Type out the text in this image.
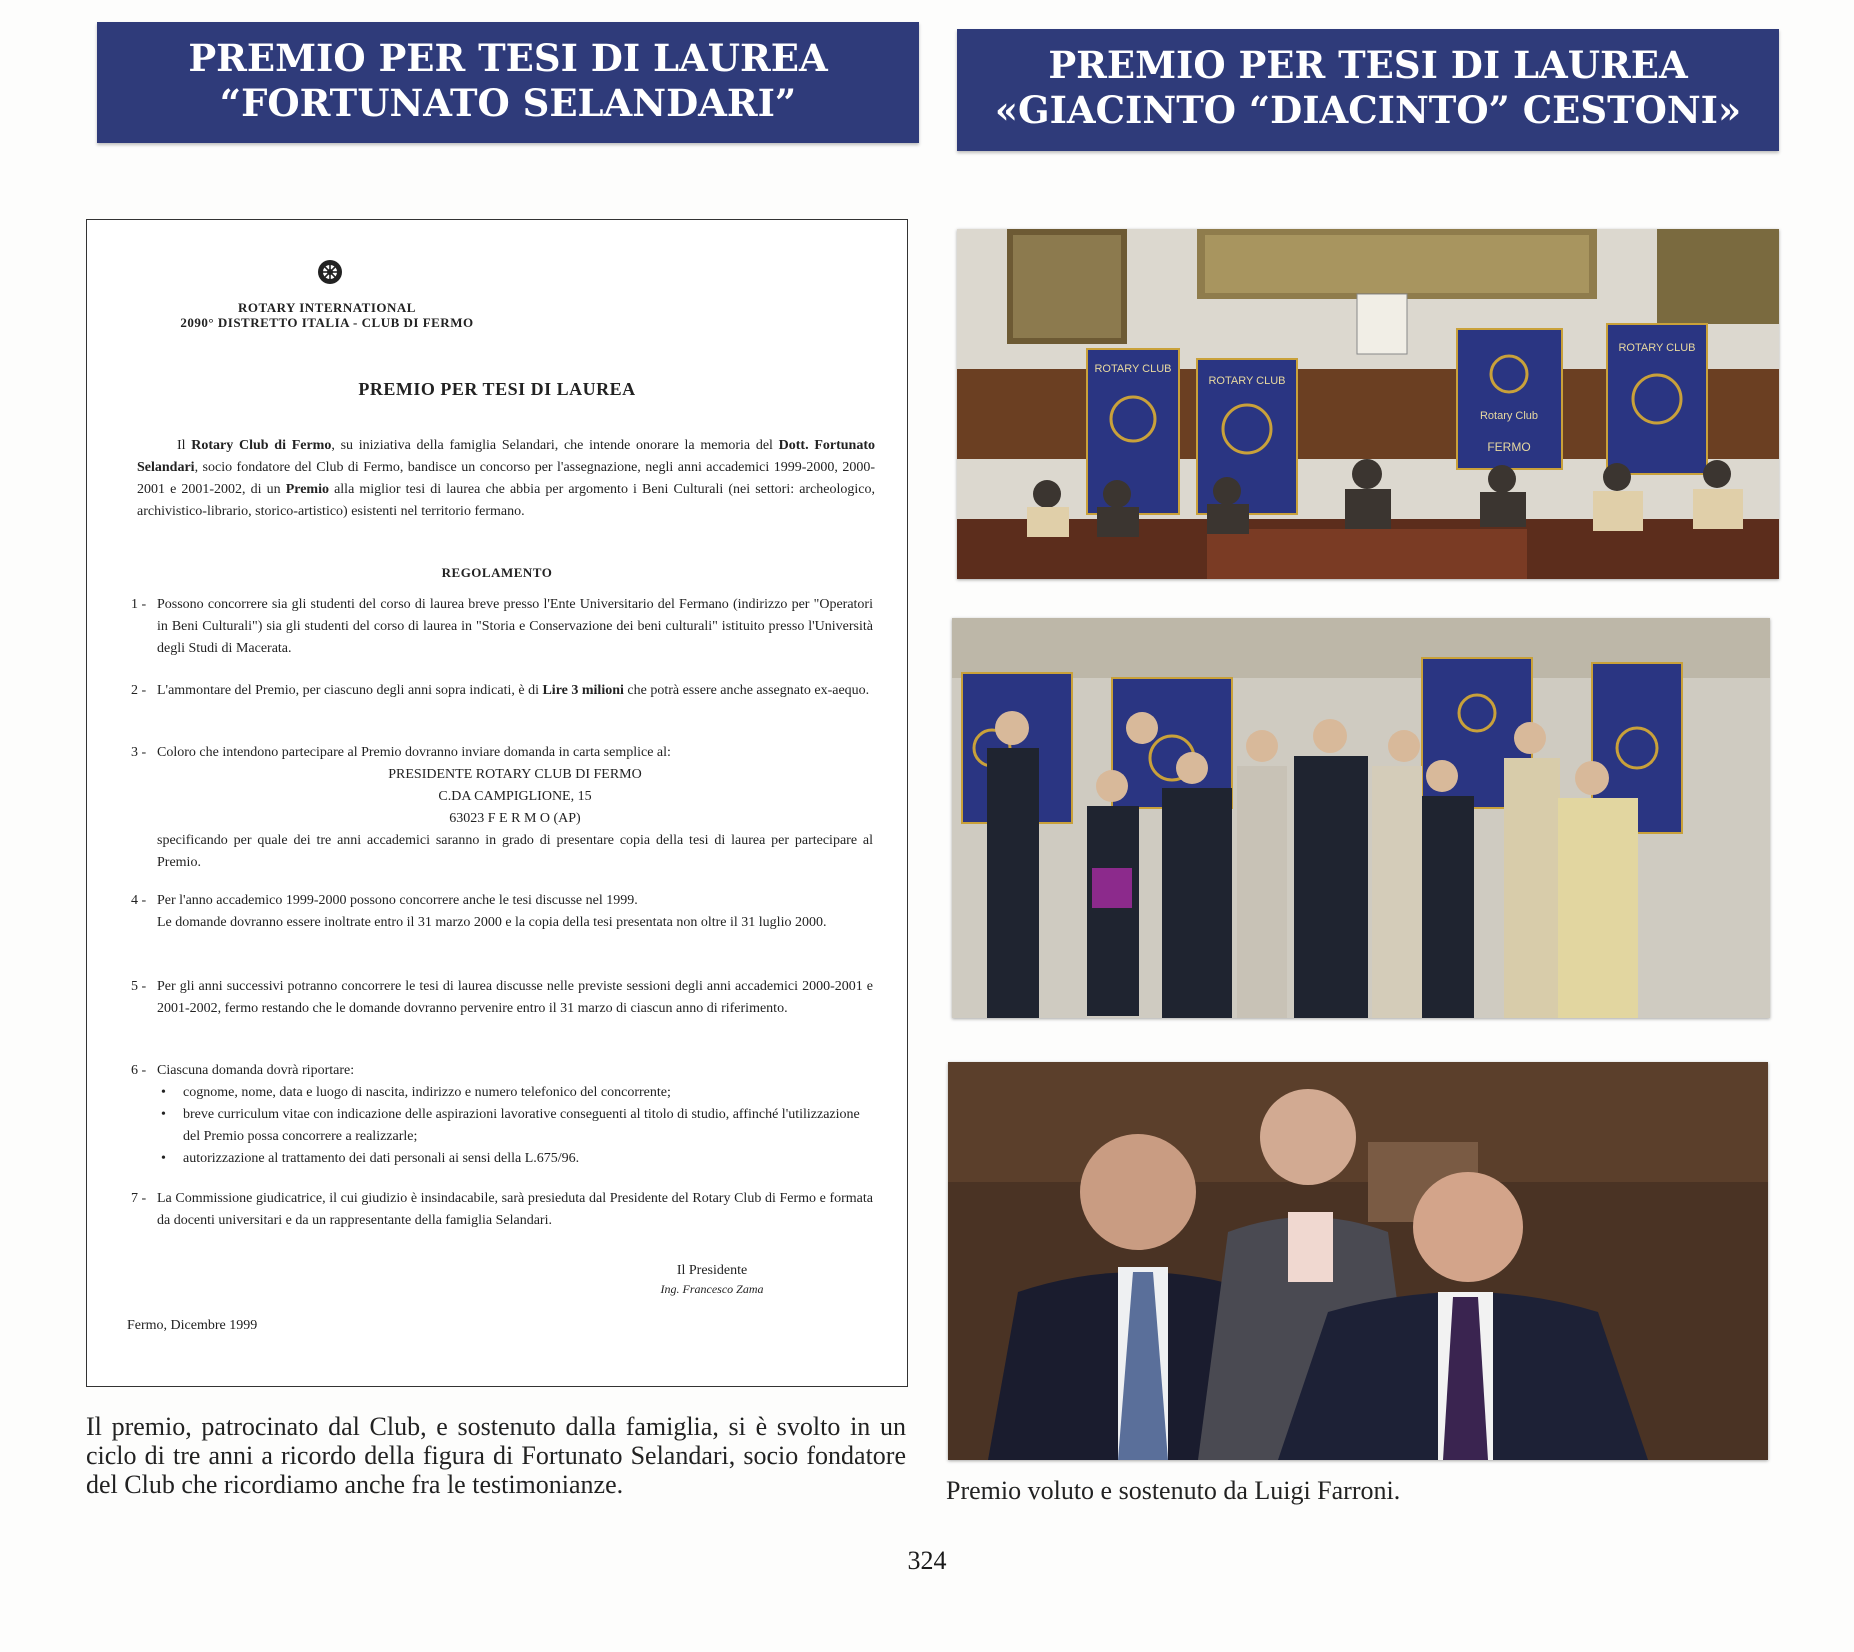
PREMIO PER TESI DI LAUREA
“FORTUNATO SELANDARI”
PREMIO PER TESI DI LAUREA
«GIACINTO “DIACINTO” CESTONI»
ROTARY INTERNATIONAL
2090° DISTRETTO ITALIA - CLUB DI FERMO
PREMIO PER TESI DI LAUREA
Il Rotary Club di Fermo, su iniziativa della famiglia Selandari, che intende onorare la memoria del Dott. Fortunato Selandari, socio fondatore del Club di Fermo, bandisce un concorso per l'assegnazione, negli anni accademici 1999-2000, 2000-2001 e 2001-2002, di un Premio alla miglior tesi di laurea che abbia per argomento i Beni Culturali (nei settori: archeologico, archivistico-librario, storico-artistico) esistenti nel territorio fermano.
REGOLAMENTO
1 - Possono concorrere sia gli studenti del corso di laurea breve presso l'Ente Universitario del Fermano (indirizzo per "Operatori in Beni Culturali") sia gli studenti del corso di laurea in "Storia e Conservazione dei beni culturali" istituito presso l'Università degli Studi di Macerata.
2 - L'ammontare del Premio, per ciascuno degli anni sopra indicati, è di Lire 3 milioni che potrà essere anche assegnato ex-aequo.
3 - Coloro che intendono partecipare al Premio dovranno inviare domanda in carta semplice al:
PRESIDENTE ROTARY CLUB DI FERMO
C.DA CAMPIGLIONE, 15
63023 F E R M O (AP)
specificando per quale dei tre anni accademici saranno in grado di presentare copia della tesi di laurea per partecipare al Premio.
4 - Per l'anno accademico 1999-2000 possono concorrere anche le tesi discusse nel 1999.
Le domande dovranno essere inoltrate entro il 31 marzo 2000 e la copia della tesi presentata non oltre il 31 luglio 2000.
5 - Per gli anni successivi potranno concorrere le tesi di laurea discusse nelle previste sessioni degli anni accademici 2000-2001 e 2001-2002, fermo restando che le domande dovranno pervenire entro il 31 marzo di ciascun anno di riferimento.
6 - Ciascuna domanda dovrà riportare:
• cognome, nome, data e luogo di nascita, indirizzo e numero telefonico del concorrente;
• breve curriculum vitae con indicazione delle aspirazioni lavorative conseguenti al titolo di studio, affinché l'utilizzazione del Premio possa concorrere a realizzarle;
• autorizzazione al trattamento dei dati personali ai sensi della L.675/96.
7 - La Commissione giudicatrice, il cui giudizio è insindacabile, sarà presieduta dal Presidente del Rotary Club di Fermo e formata da docenti universitari e da un rappresentante della famiglia Selandari.
Il Presidente
Ing. Francesco Zama
Fermo, Dicembre 1999
ROTARY CLUB
ROTARY CLUB
Rotary Club
FERMO
ROTARY CLUB
Il premio, patrocinato dal Club, e sostenuto dalla famiglia, si è svolto in un ciclo di tre anni a ricordo della figura di Fortunato Selandari, socio fondatore del Club che ricordiamo anche fra le testimonianze.	Premio voluto e sostenuto da Luigi Farroni.
324
